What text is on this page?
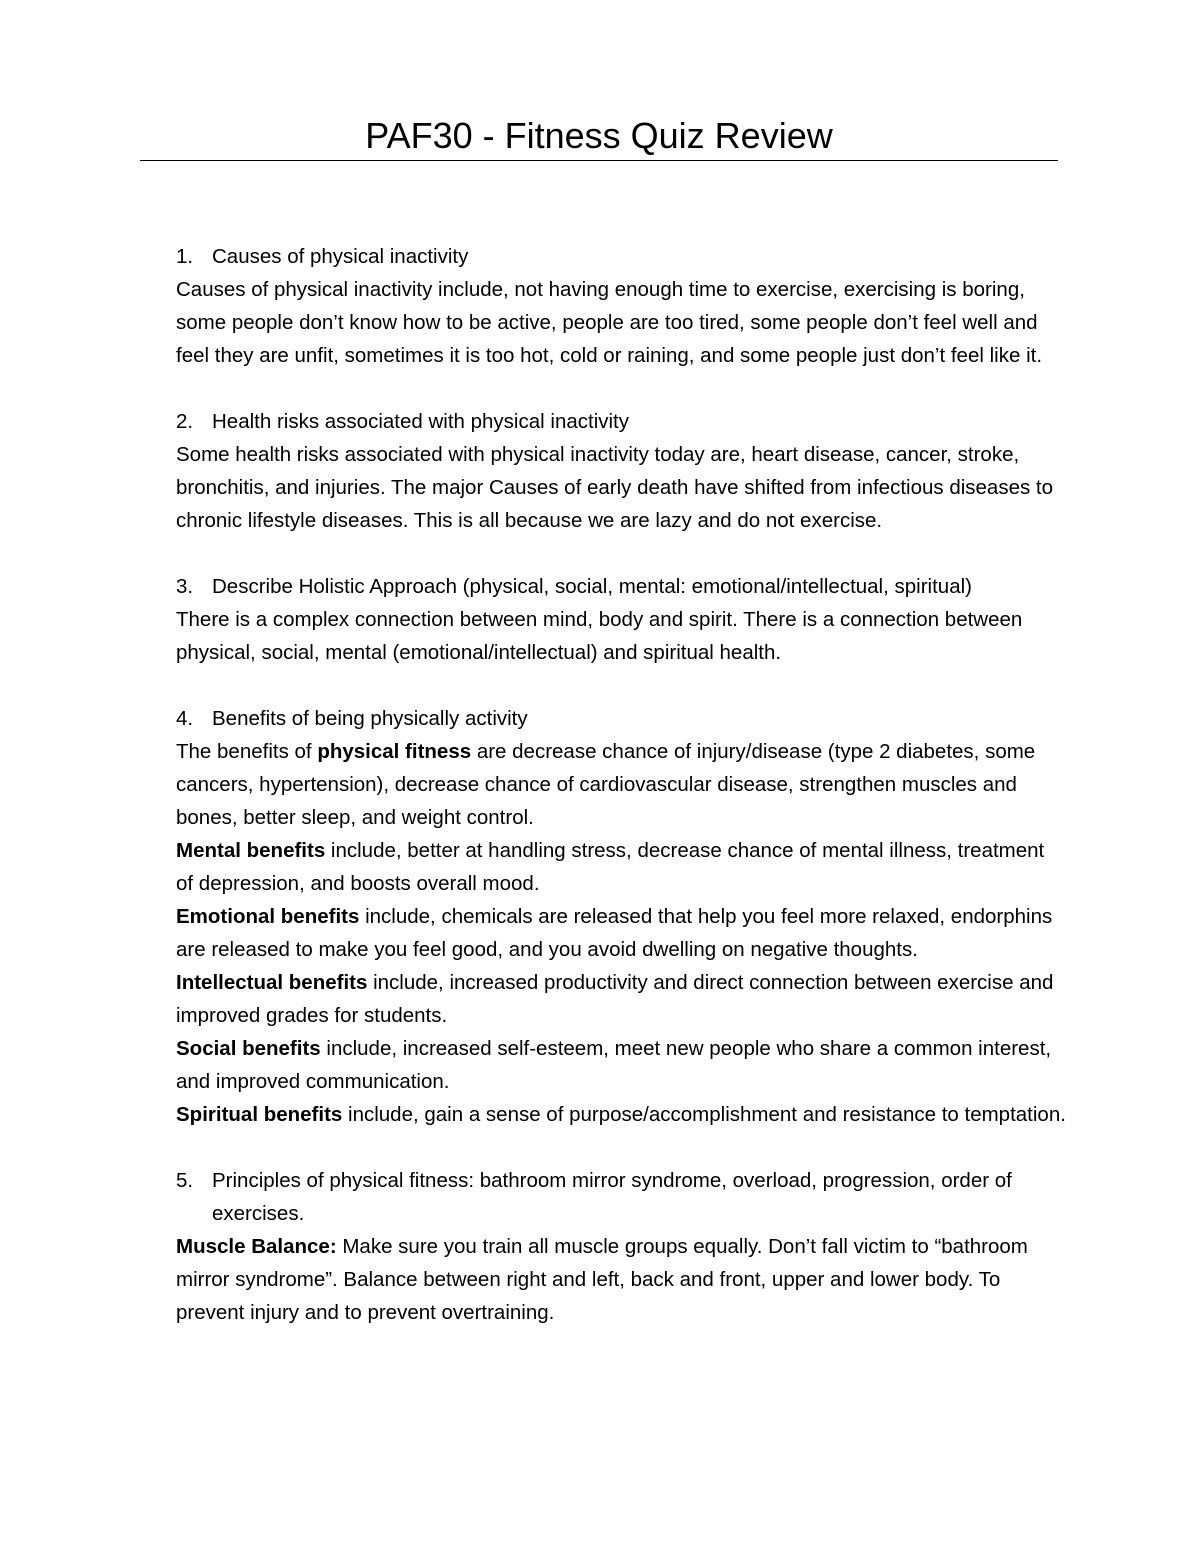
PAF30 - Fitness Quiz Review
1. Causes of physical inactivity

Causes of physical inactivity include, not having enough time to exercise, exercising is boring, some people don’t know how to be active, people are too tired, some people don’t feel well and feel they are unfit, sometimes it is too hot, cold or raining, and some people just don’t feel like it.

2. Health risks associated with physical inactivity

Some health risks associated with physical inactivity today are, heart disease, cancer, stroke, bronchitis, and injuries. The major Causes of early death have shifted from infectious diseases to chronic lifestyle diseases. This is all because we are lazy and do not exercise.

3. Describe Holistic Approach (physical, social, mental: emotional/intellectual, spiritual)

There is a complex connection between mind, body and spirit. There is a connection between physical, social, mental (emotional/intellectual) and spiritual health.

4. Benefits of being physically activity

The benefits of physical fitness are decrease chance of injury/disease (type 2 diabetes, some cancers, hypertension), decrease chance of cardiovascular disease, strengthen muscles and bones, better sleep, and weight control.

Mental benefits include, better at handling stress, decrease chance of mental illness, treatment of depression, and boosts overall mood.

Emotional benefits include, chemicals are released that help you feel more relaxed, endorphins are released to make you feel good, and you avoid dwelling on negative thoughts.

Intellectual benefits include, increased productivity and direct connection between exercise and improved grades for students.

Social benefits include, increased self-esteem, meet new people who share a common interest, and improved communication.

Spiritual benefits include, gain a sense of purpose/accomplishment and resistance to temptation.

5. Principles of physical fitness: bathroom mirror syndrome, overload, progression, order of exercises.

Muscle Balance: Make sure you train all muscle groups equally. Don’t fall victim to “bathroom mirror syndrome”. Balance between right and left, back and front, upper and lower body. To prevent injury and to prevent overtraining.
